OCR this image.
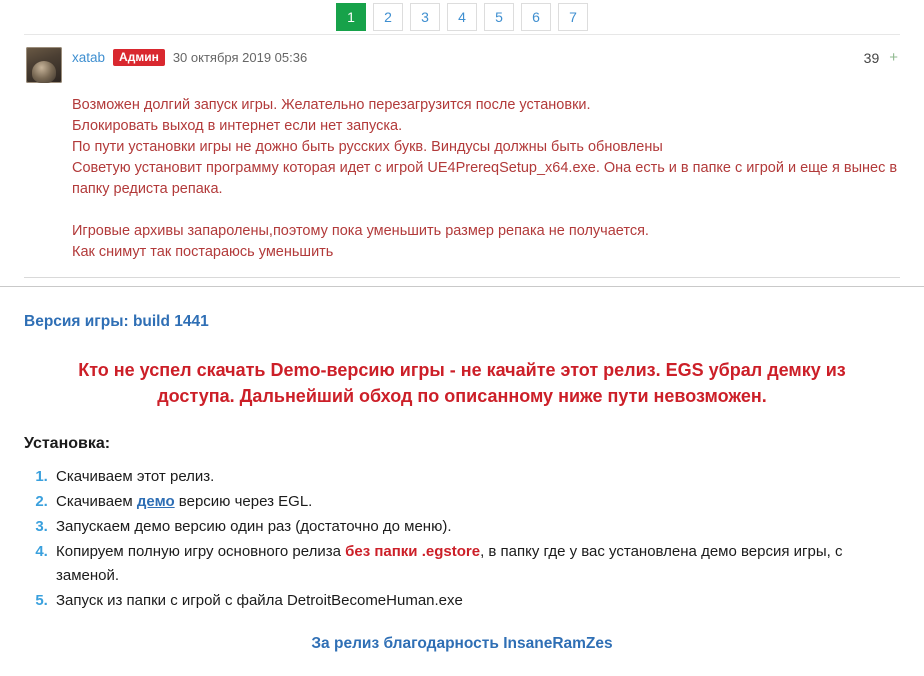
1	2	3	4	5	6	7
xatab	Админ	30 октября 2019 05:36	39 +

Возможен долгий запуск игры. Желательно перезагрузится после установки.

Блокировать выход в интернет если нет запуска.

По пути установки игры не дожно быть русских букв. Виндусы должны быть обновлены

Советую установит программу которая идет с игрой UE4PrereqSetup_x64.exe. Она есть и в папке с игрой и еще я вынес в папку редиста репака.

Игровые архивы запаролены,поэтому пока уменьшить размер репака не получается.

Как снимут так постараюсь уменьшить

Версия игры: build 1441
Кто не успел скачать Demo-версию игры - не качайте этот релиз. EGS убрал демку из доступа. Дальнейший обход по описанному ниже пути невозможен.
Установка:
1. Скачиваем этот релиз.
2. Скачиваем демо версию через EGL.
3. Запускаем демо версию один раз (достаточно до меню).
4. Копируем полную игру основного релиза без папки .egstore, в папку где у вас установлена демо версия игры, с заменой.
5. Запуск из папки с игрой с файла DetroitBecomeHuman.exe
За релиз благодарность InsaneRamZes
